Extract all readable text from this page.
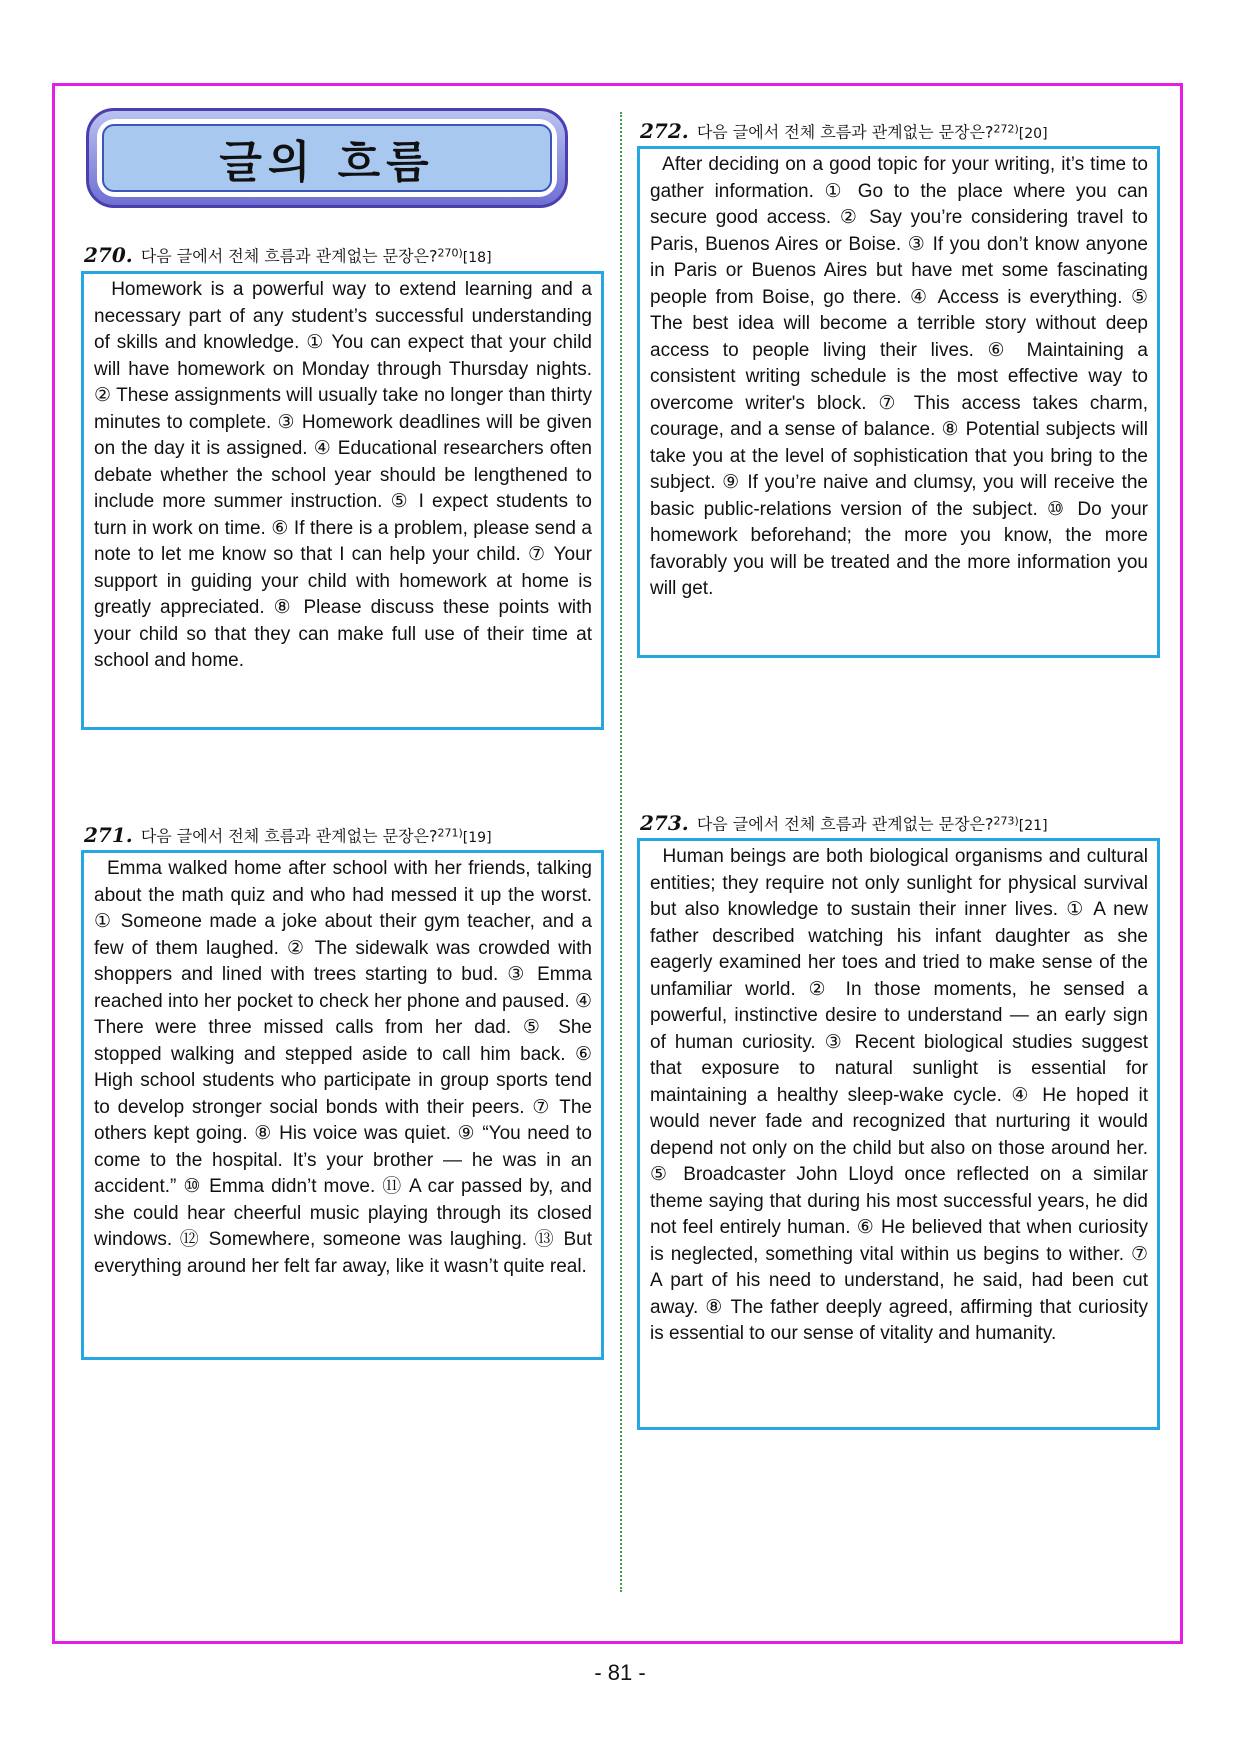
글의 흐름
270. 다음 글에서 전체 흐름과 관계없는 문장은?$^{270)}$[18]
Homework is a powerful way to extend learning and a necessary part of any student’s successful understanding of skills and knowledge. ① You can expect that your child will have homework on Monday through Thursday nights. ② These assignments will usually take no longer than thirty minutes to complete. ③ Homework deadlines will be given on the day it is assigned. ④ Educational researchers often debate whether the school year should be lengthened to include more summer instruction. ⑤ I expect students to turn in work on time. ⑥ If there is a problem, please send a note to let me know so that I can help your child. ⑦ Your support in guiding your child with homework at home is greatly appreciated. ⑧ Please discuss these points with your child so that they can make full use of their time at school and home.
271. 다음 글에서 전체 흐름과 관계없는 문장은?$^{271)}$[19]
Emma walked home after school with her friends, talking about the math quiz and who had messed it up the worst. ① Someone made a joke about their gym teacher, and a few of them laughed. ② The sidewalk was crowded with shoppers and lined with trees starting to bud. ③ Emma reached into her pocket to check her phone and paused. ④ There were three missed calls from her dad. ⑤ She stopped walking and stepped aside to call him back. ⑥ High school students who participate in group sports tend to develop stronger social bonds with their peers. ⑦ The others kept going. ⑧ His voice was quiet. ⑨ “You need to come to the hospital. It’s your brother — he was in an accident.” ⑩ Emma didn’t move. ⑪ A car passed by, and she could hear cheerful music playing through its closed windows. ⑫ Somewhere, someone was laughing. ⑬ But everything around her felt far away, like it wasn’t quite real.
272. 다음 글에서 전체 흐름과 관계없는 문장은?$^{272)}$[20]
After deciding on a good topic for your writing, it’s time to gather information. ① Go to the place where you can secure good access. ② Say you’re considering travel to Paris, Buenos Aires or Boise. ③ If you don’t know anyone in Paris or Buenos Aires but have met some fascinating people from Boise, go there. ④ Access is everything. ⑤ The best idea will become a terrible story without deep access to people living their lives. ⑥ Maintaining a consistent writing schedule is the most effective way to overcome writer's block. ⑦ This access takes charm, courage, and a sense of balance. ⑧ Potential subjects will take you at the level of sophistication that you bring to the subject. ⑨ If you’re naive and clumsy, you will receive the basic public-relations version of the subject. ⑩ Do your homework beforehand; the more you know, the more favorably you will be treated and the more information you will get.
273. 다음 글에서 전체 흐름과 관계없는 문장은?$^{273)}$[21]
Human beings are both biological organisms and cultural entities; they require not only sunlight for physical survival but also knowledge to sustain their inner lives. ① A new father described watching his infant daughter as she eagerly examined her toes and tried to make sense of the unfamiliar world. ② In those moments, he sensed a powerful, instinctive desire to understand — an early sign of human curiosity. ③ Recent biological studies suggest that exposure to natural sunlight is essential for maintaining a healthy sleep-wake cycle. ④ He hoped it would never fade and recognized that nurturing it would depend not only on the child but also on those around her. ⑤ Broadcaster John Lloyd once reflected on a similar theme saying that during his most successful years, he did not feel entirely human. ⑥ He believed that when curiosity is neglected, something vital within us begins to wither. ⑦ A part of his need to understand, he said, had been cut away. ⑧ The father deeply agreed, affirming that curiosity is essential to our sense of vitality and humanity.
- 81 -
